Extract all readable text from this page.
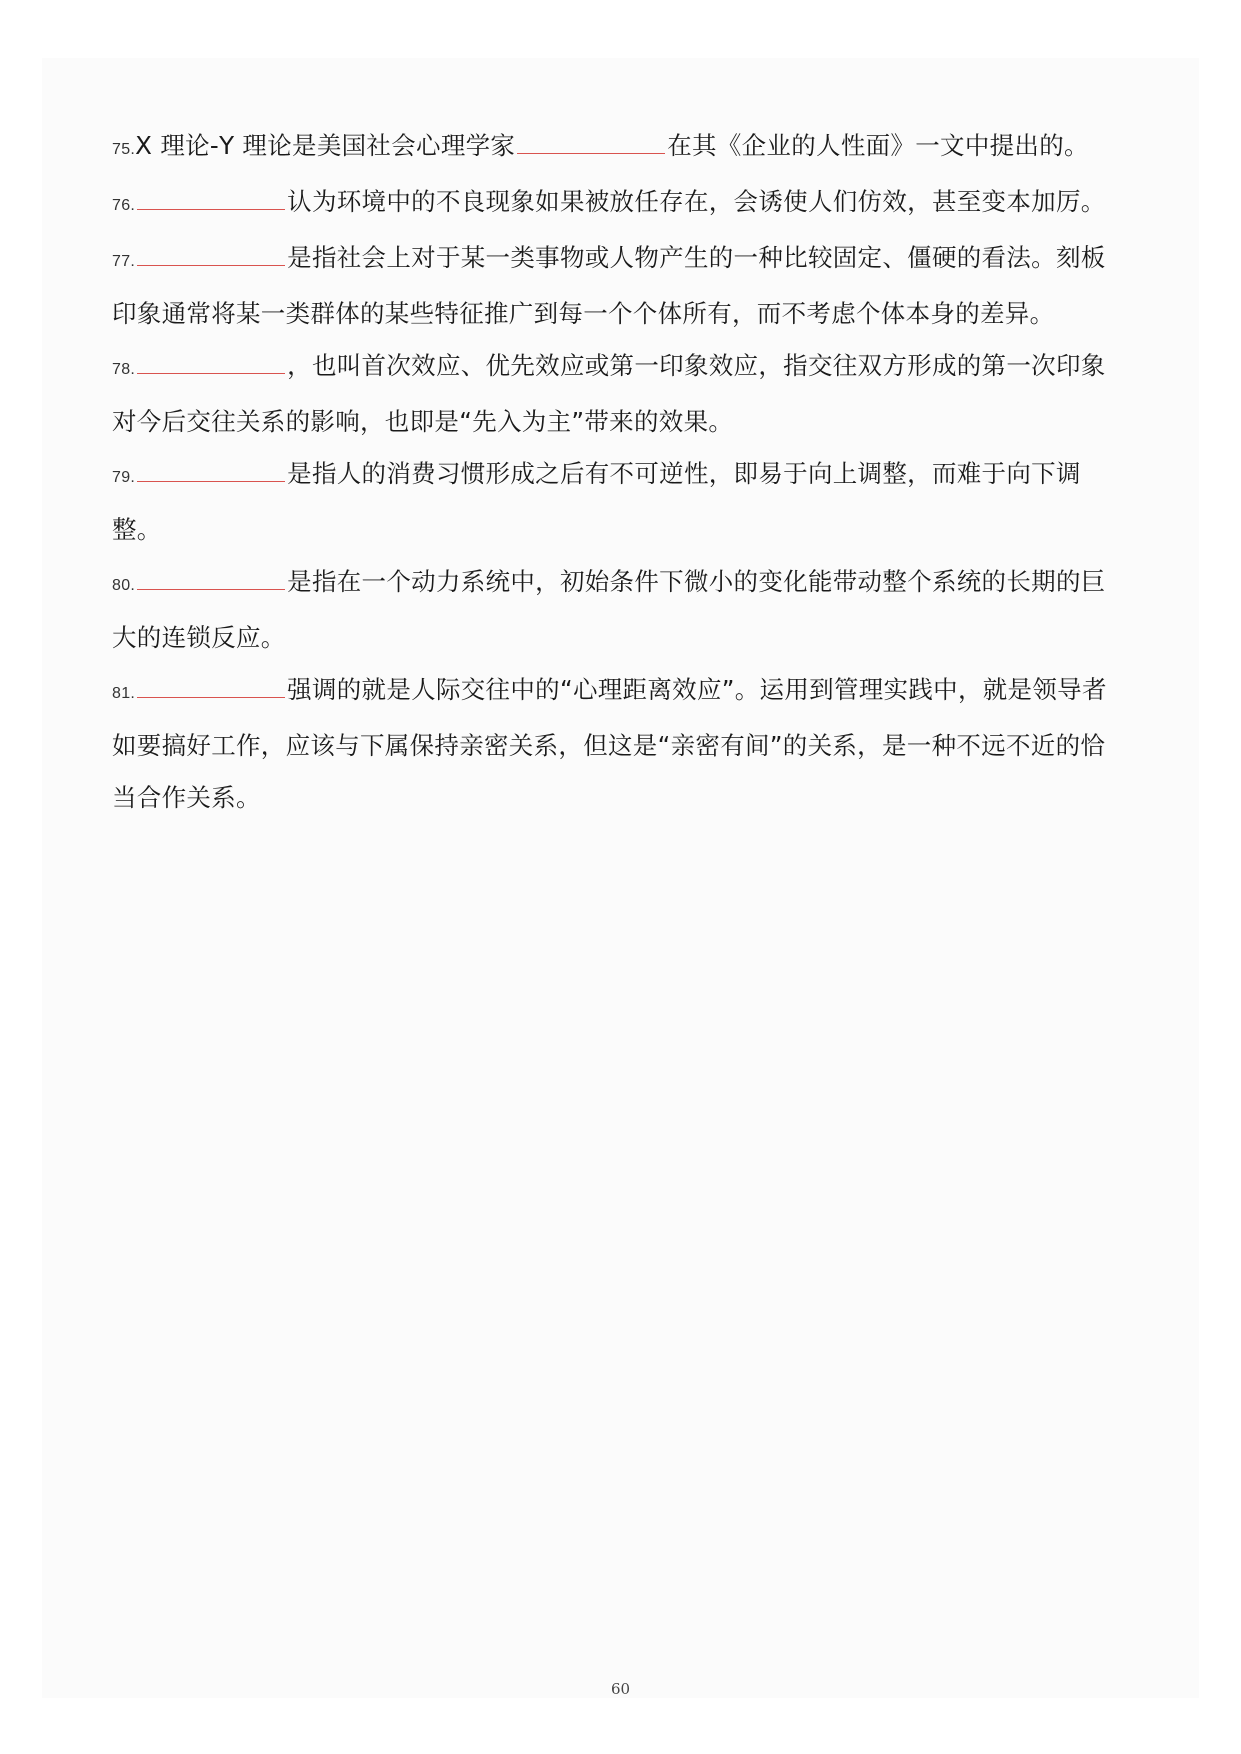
75.X 理论-Y 理论是美国社会心理学家	在其《企业的人性面》一文中提出的。

76.	认为环境中的不良现象如果被放任存在，会诱使人们仿效，甚至变本加厉。

77.	是指社会上对于某一类事物或人物产生的一种比较固定、僵硬的看法。刻板印象通常将某一类群体的某些特征推广到每一个个体所有，而不考虑个体本身的差异。

78.	，也叫首次效应、优先效应或第一印象效应，指交往双方形成的第一次印象对今后交往关系的影响，也即是“先入为主”带来的效果。

79.	是指人的消费习惯形成之后有不可逆性，即易于向上调整，而难于向下调整。

80.	是指在一个动力系统中，初始条件下微小的变化能带动整个系统的长期的巨大的连锁反应。

81.	强调的就是人际交往中的“心理距离效应”。运用到管理实践中，就是领导者如要搞好工作，应该与下属保持亲密关系，但这是“亲密有间”的关系，是一种不远不近的恰当合作关系。

60
